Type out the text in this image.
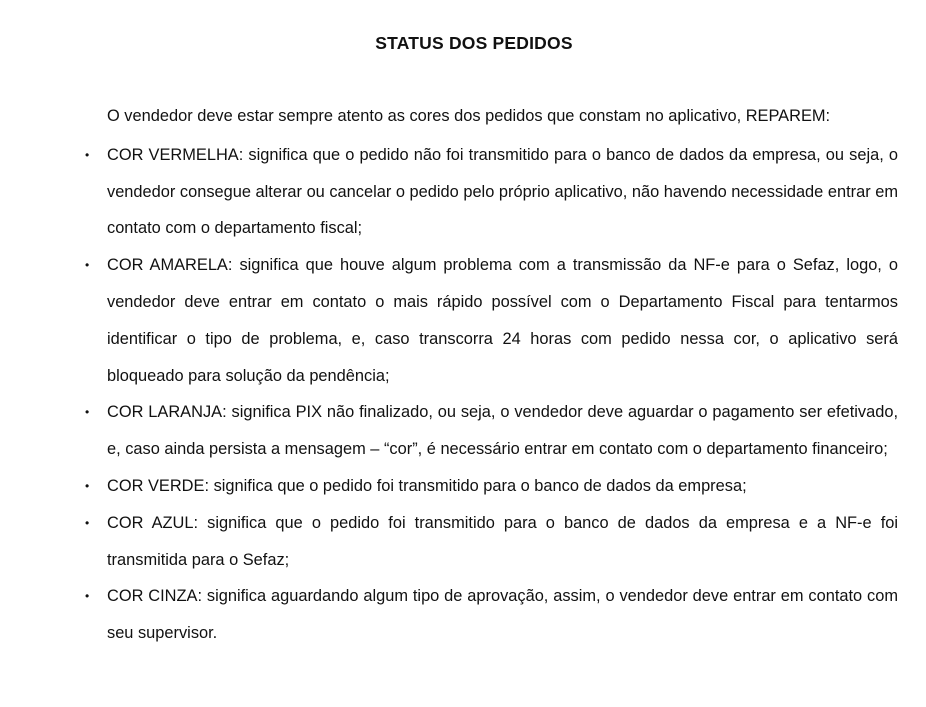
STATUS DOS PEDIDOS

O vendedor deve estar sempre atento as cores dos pedidos que constam no aplicativo, REPAREM:

• COR VERMELHA: significa que o pedido não foi transmitido para o banco de dados da empresa, ou seja, o vendedor consegue alterar ou cancelar o pedido pelo próprio aplicativo, não havendo necessidade entrar em contato com o departamento fiscal;
• COR AMARELA: significa que houve algum problema com a transmissão da NF-e para o Sefaz, logo, o vendedor deve entrar em contato o mais rápido possível com o Departamento Fiscal para tentarmos identificar o tipo de problema, e, caso transcorra 24 horas com pedido nessa cor, o aplicativo será bloqueado para solução da pendência;
• COR LARANJA: significa PIX não finalizado, ou seja, o vendedor deve aguardar o pagamento ser efetivado, e, caso ainda persista a mensagem – “cor”, é necessário entrar em contato com o departamento financeiro;
• COR VERDE: significa que o pedido foi transmitido para o banco de dados da empresa;
• COR AZUL: significa que o pedido foi transmitido para o banco de dados da empresa e a NF-e foi transmitida para o Sefaz;
• COR CINZA: significa aguardando algum tipo de aprovação, assim, o vendedor deve entrar em contato com seu supervisor.
